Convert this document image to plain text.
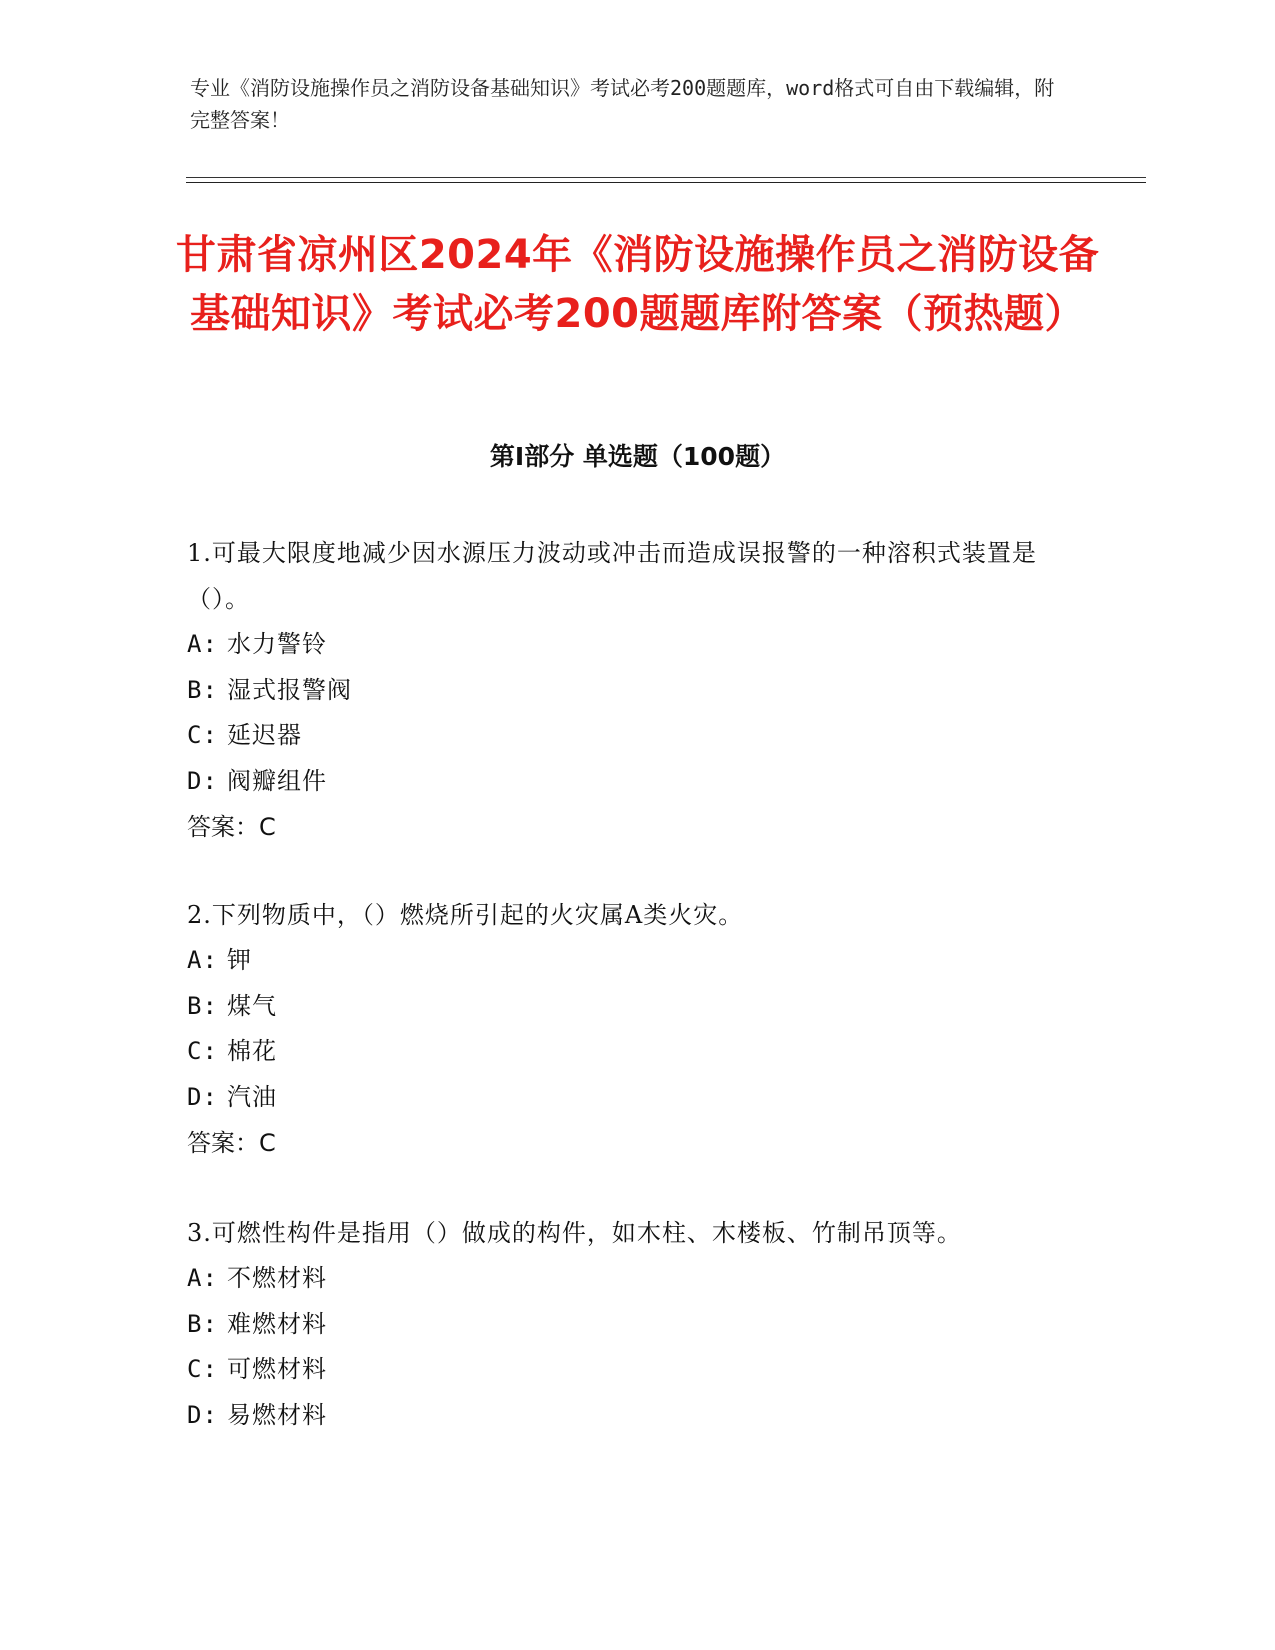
专业《消防设施操作员之消防设备基础知识》考试必考200题题库，word格式可自由下载编辑，附完整答案！
甘肃省凉州区2024年《消防设施操作员之消防设备基础知识》考试必考200题题库附答案（预热题）
第Ⅰ部分 单选题（100题）
1.可最大限度地减少因水源压力波动或冲击而造成误报警的一种溶积式装置是（）。
A: 水力警铃
B: 湿式报警阀
C: 延迟器
D: 阀瓣组件
答案：C
2.下列物质中，（）燃烧所引起的火灾属A类火灾。
A: 钾
B: 煤气
C: 棉花
D: 汽油
答案：C
3.可燃性构件是指用（）做成的构件，如木柱、木楼板、竹制吊顶等。
A: 不燃材料
B: 难燃材料
C: 可燃材料
D: 易燃材料
